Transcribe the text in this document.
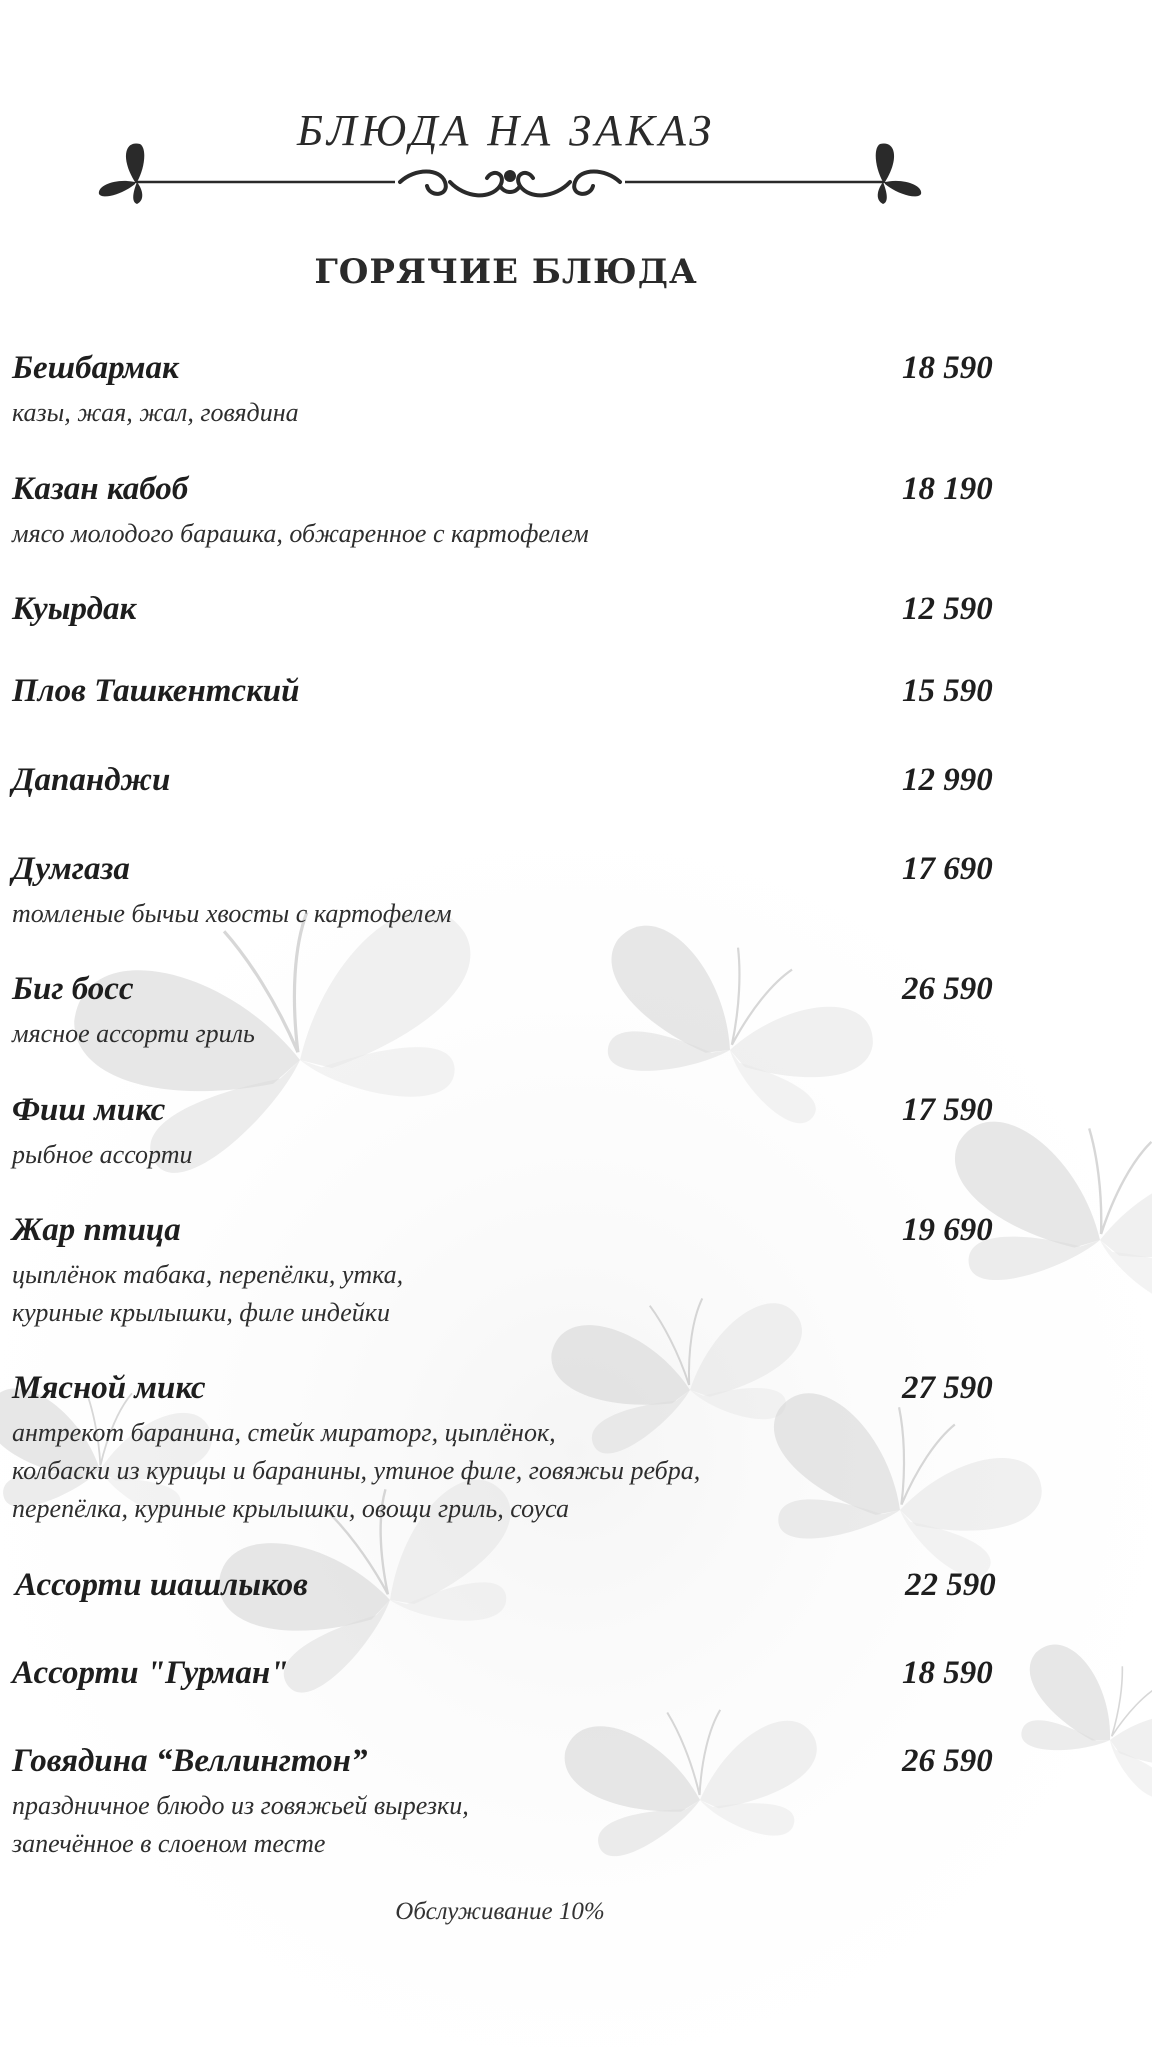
БЛЮДА НА ЗАКАЗ
ГОРЯЧИЕ БЛЮДА
Бешбармак	18 590
казы, жая, жал, говядина
Казан кабоб	18 190
мясо молодого барашка, обжаренное с картофелем
Куырдак	12 590
Плов Ташкентский	15 590
Дапанджи	12 990
Думгаза	17 690
томленые бычьи хвосты с картофелем
Биг босс	26 590
мясное ассорти гриль
Фиш микс	17 590
рыбное ассорти
Жар птица	19 690
цыплёнок табака, перепёлки, утка,
куриные крылышки, филе индейки
Мясной микс	27 590
антрекот баранина, стейк мираторг, цыплёнок,
колбаски из курицы и баранины, утиное филе, говяжьи ребра,
перепёлка, куриные крылышки, овощи гриль, соуса
Ассорти шашлыков	22 590
Ассорти "Гурман"	18 590
Говядина “Веллингтон”	26 590
праздничное блюдо из говяжьей вырезки,
запечённое в слоеном тесте
Обслуживание 10%
